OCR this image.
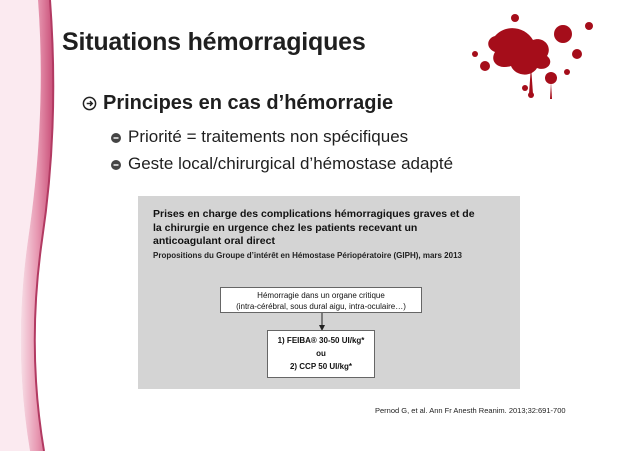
Situations hémorragiques
Principes en cas d’hémorragie
Priorité = traitements non spécifiques
Geste local/chirurgical d’hémostase adapté
Prises en charge des complications hémorragiques graves et de
la chirurgie en urgence chez les patients recevant un
anticoagulant oral direct
Propositions du Groupe d’intérêt en Hémostase Périopératoire (GIPH), mars 2013
Hémorragie dans un organe critique
(intra-cérébral, sous dural aigu, intra-oculaire…)
1) FEIBA® 30-50 UI/kg*
ou
2) CCP 50 UI/kg*
Pernod G, et al. Ann Fr Anesth Reanim. 2013;32:691-700
